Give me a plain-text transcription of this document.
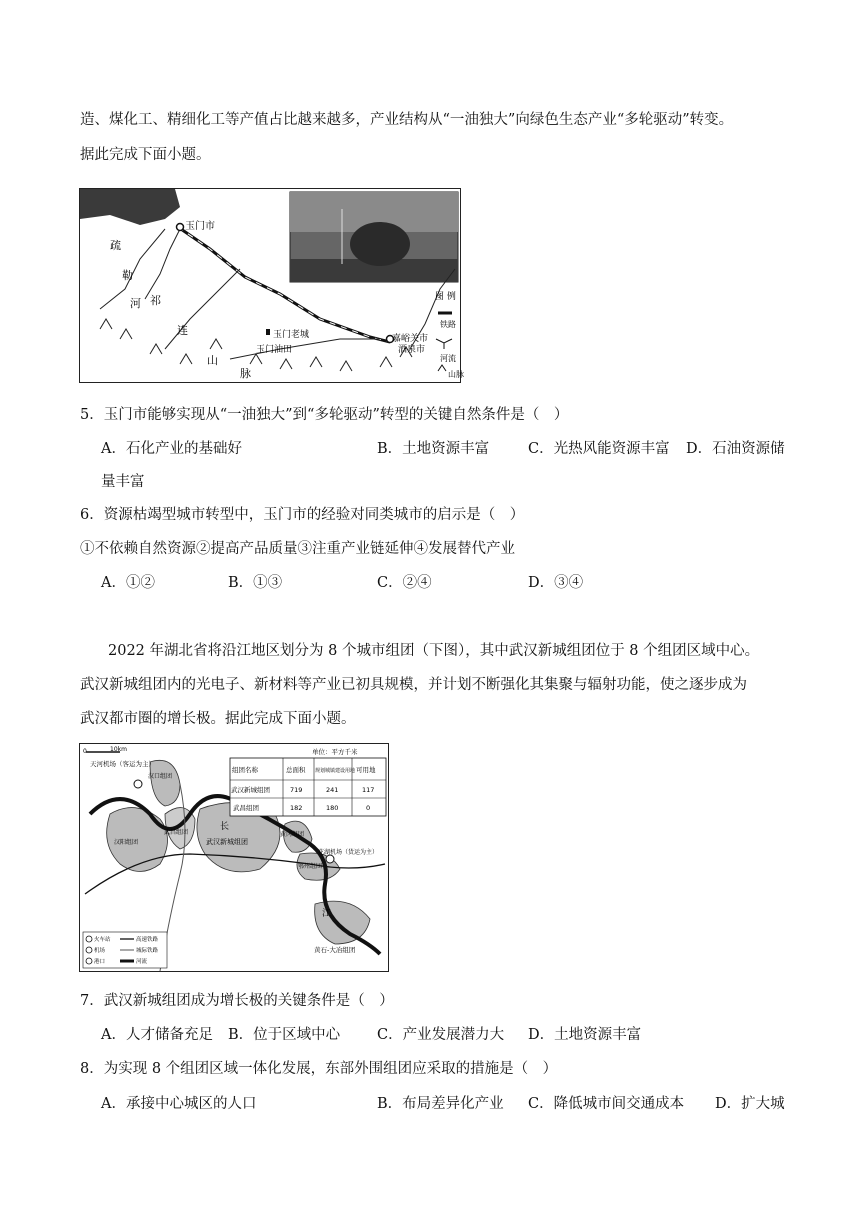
造、煤化工、精细化工等产值占比越来越多，产业结构从“一油独大”向绿色生态产业“多轮驱动”转变。
据此完成下面小题。
玉门市
玉门老城
玉门油田
嘉峪关市
酒泉市
疏
勒
河 祁
连
山
脉
图 例
铁路
河流
山脉
5．玉门市能够实现从“一油独大”到“多轮驱动”转型的关键自然条件是（　）
A．石化产业的基础好	B．土地资源丰富	C．光热风能资源丰富 D．石油资源储
量丰富
6．资源枯竭型城市转型中，玉门市的经验对同类城市的启示是（　）
①不依赖自然资源②提高产品质量③注重产业链延伸④发展替代产业
A．①②	B．①③	C．②④	D．③④
2022 年湖北省将沿江地区划分为 8 个城市组团（下图），其中武汉新城组团位于 8 个组团区域中心。
武汉新城组团内的光电子、新材料等产业已初具规模，并计划不断强化其集聚与辐射功能，使之逐步成为
武汉都市圈的增长极。据此完成下面小题。
0	10km	单位：平方千米
组团名称	总面积 规划城镇建设用地 可用地
武汉新城组团	719	241	117
武昌组团	182	180	0
天河机场（客运为主）
花湖机场（货运为主）
武汉新城组团
黄石-大冶组团
汉口组团
武昌组团
汉阳组团
黄冈组团
鄂州组团
长
江
火车站
机场
港口
高速铁路
城际铁路
河流
7．武汉新城组团成为增长极的关键条件是（　）
A．人才储备充足 B．位于区域中心	C．产业发展潜力大 D．土地资源丰富
8．为实现 8 个组团区域一体化发展，东部外围组团应采取的措施是（　）
A．承接中心城区的人口	B．布局差异化产业 C．降低城市间交通成本 D．扩大城
